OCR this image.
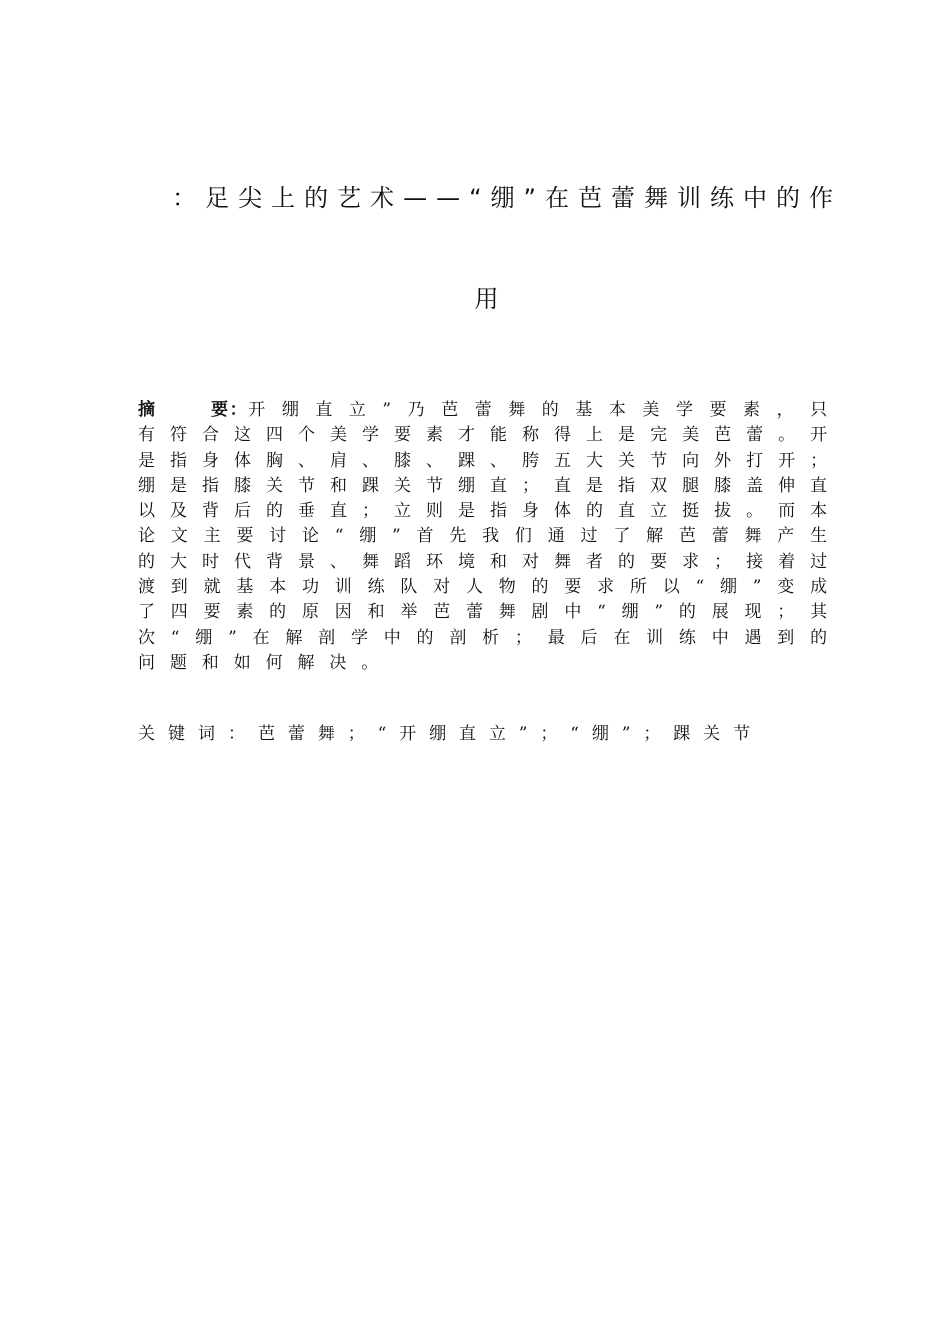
：足尖上的艺术——“绷”在芭蕾舞训练中的作
用

摘要：开绷直立”乃芭蕾舞的基本美学要素，只有符合这四个美学要素才能称得上是完美芭蕾。开是指身体胸、肩、膝、踝、胯五大关节向外打开；绷是指膝关节和踝关节绷直；直是指双腿膝盖伸直以及背后的垂直；立则是指身体的直立挺拔。而本论文主要讨论“绷”首先我们通过了解芭蕾舞产生的大时代背景、舞蹈环境和对舞者的要求；接着过渡到就基本功训练队对人物的要求所以“绷”变成了四要素的原因和举芭蕾舞剧中“绷”的展现；其次“绷”在解剖学中的剖析；最后在训练中遇到的问题和如何解决。

关键词：芭蕾舞；“开绷直立”；“绷”；踝关节
